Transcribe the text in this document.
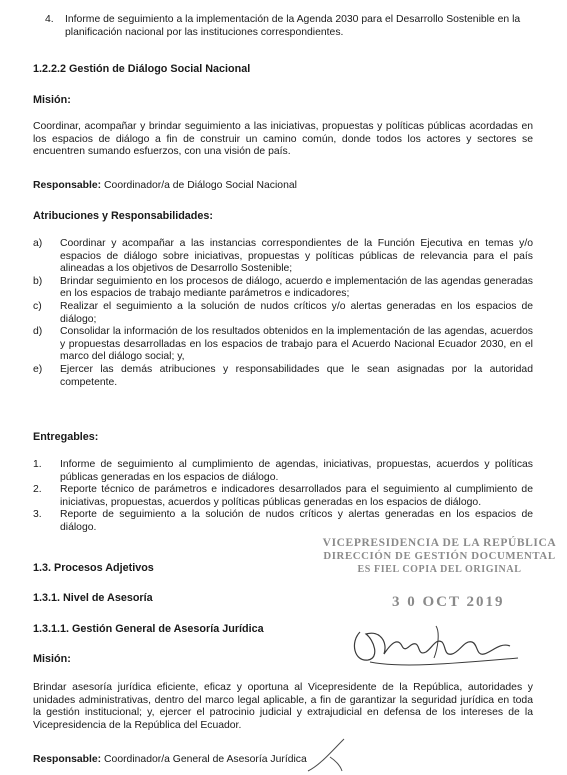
4.	Informe de seguimiento a la implementación de la Agenda 2030 para el Desarrollo Sostenible en la planificación nacional por las instituciones correspondientes.
1.2.2.2 Gestión de Diálogo Social Nacional
Misión:
Coordinar, acompañar y brindar seguimiento a las iniciativas, propuestas y políticas públicas acordadas en los espacios de diálogo a fin de construir un camino común, donde todos los actores y sectores se encuentren sumando esfuerzos, con una visión de país.
Responsable: Coordinador/a de Diálogo Social Nacional
Atribuciones y Responsabilidades:
a)	Coordinar y acompañar a las instancias correspondientes de la Función Ejecutiva en temas y/o espacios de diálogo sobre iniciativas, propuestas y políticas públicas de relevancia para el país alineadas a los objetivos de Desarrollo Sostenible;
b)	Brindar seguimiento en los procesos de diálogo, acuerdo e implementación de las agendas generadas en los espacios de trabajo mediante parámetros e indicadores;
c)	Realizar el seguimiento a la solución de nudos críticos y/o alertas generadas en los espacios de diálogo;
d)	Consolidar la información de los resultados obtenidos en la implementación de las agendas, acuerdos y propuestas desarrolladas en los espacios de trabajo para el Acuerdo Nacional Ecuador 2030, en el marco del diálogo social; y,
e)	Ejercer las demás atribuciones y responsabilidades que le sean asignadas por la autoridad competente.
Entregables:
1.	Informe de seguimiento al cumplimiento de agendas, iniciativas, propuestas, acuerdos y políticas públicas generadas en los espacios de diálogo.
2.	Reporte técnico de parámetros e indicadores desarrollados para el seguimiento al cumplimiento de iniciativas, propuestas, acuerdos y políticas públicas generadas en los espacios de diálogo.
3.	Reporte de seguimiento a la solución de nudos críticos y alertas generadas en los espacios de diálogo.
1.3. Procesos Adjetivos
1.3.1. Nivel de Asesoría
1.3.1.1. Gestión General de Asesoría Jurídica
Misión:
Brindar asesoría jurídica eficiente, eficaz y oportuna al Vicepresidente de la República, autoridades y unidades administrativas, dentro del marco legal aplicable, a fin de garantizar la seguridad jurídica en toda la gestión institucional; y, ejercer el patrocinio judicial y extrajudicial en defensa de los intereses de la Vicepresidencia de la República del Ecuador.
Responsable: Coordinador/a General de Asesoría Jurídica
VICEPRESIDENCIA DE LA REPÚBLICA
DIRECCIÓN DE GESTIÓN DOCUMENTAL
ES FIEL COPIA DEL ORIGINAL
3 0 OCT 2019
